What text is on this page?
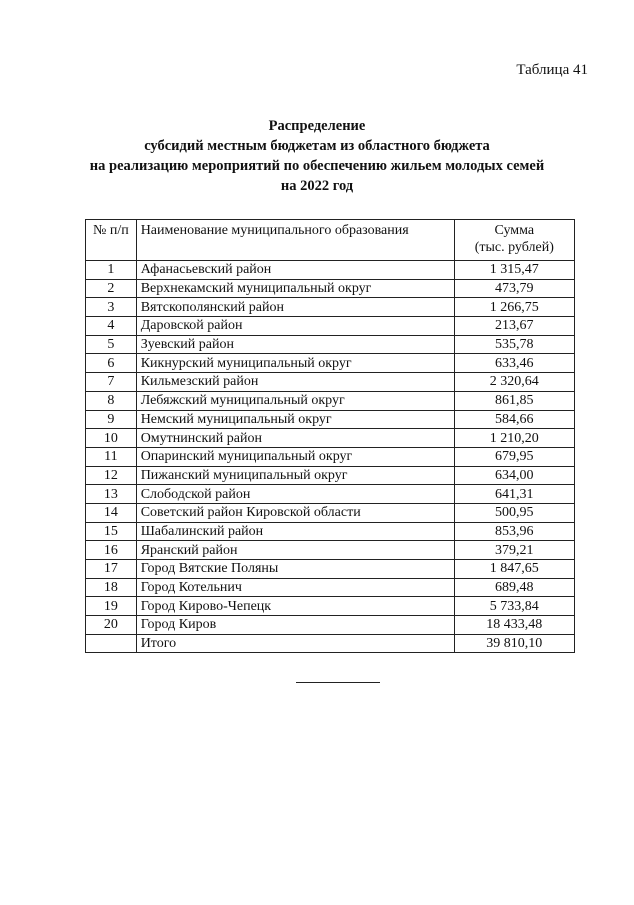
Таблица 41
Распределение
субсидий местным бюджетам из областного бюджета
на реализацию мероприятий по обеспечению жильем молодых семей
на 2022 год
№ п/п	Наименование муниципального образования	Сумма
(тыс. рублей)

1	Афанасьевский район	1 315,47
2	Верхнекамский муниципальный округ	473,79
3	Вятскополянский район	1 266,75
4	Даровской район	213,67
5	Зуевский район	535,78
6	Кикнурский муниципальный округ	633,46
7	Кильмезский район	2 320,64
8	Лебяжский муниципальный округ	861,85
9	Немский муниципальный округ	584,66
10	Омутнинский район	1 210,20
11	Опаринский муниципальный округ	679,95
12	Пижанский муниципальный округ	634,00
13	Слободской район	641,31
14	Советский район Кировской области	500,95
15	Шабалинский район	853,96
16	Яранский район	379,21
17	Город Вятские Поляны	1 847,65
18	Город Котельнич	689,48
19	Город Кирово-Чепецк	5 733,84
20	Город Киров	18 433,48
	Итого	39 810,10
